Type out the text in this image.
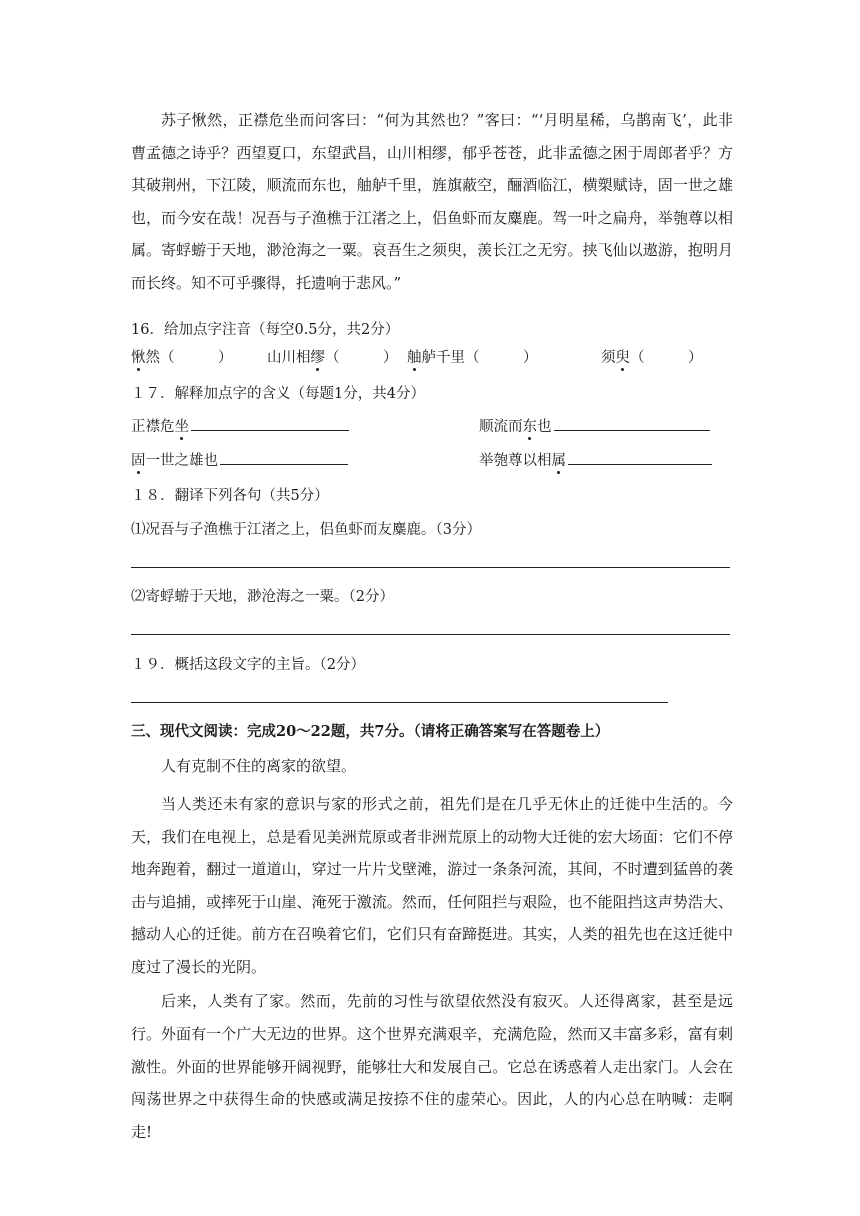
苏子愀然，正襟危坐而问客曰：“何为其然也？”客曰：“‘月明星稀，乌鹊南飞’，此非曹孟德之诗乎？西望夏口，东望武昌，山川相缪，郁乎苍苍，此非孟德之困于周郎者乎？方其破荆州，下江陵，顺流而东也，舳舻千里，旌旗蔽空，酾酒临江，横槊赋诗，固一世之雄也，而今安在哉！况吾与子渔樵于江渚之上，侣鱼虾而友麋鹿。驾一叶之扁舟，举匏尊以相属。寄蜉蝣于天地，渺沧海之一粟。哀吾生之须臾，羡长江之无穷。挟飞仙以遨游，抱明月而长终。知不可乎骤得，托遗响于悲风。”

16．给加点字注音（每空0.5分，共2分）

愀然（　　　） 山川相缪（　　　） 舳舻千里（　　　）	须臾（　　　）

１７．解释加点字的含义（每题1分，共4分）

正襟危坐	顺流而东也
固一世之雄也	举匏尊以相属

１８．翻译下列各句（共5分）

⑴况吾与子渔樵于江渚之上，侣鱼虾而友麋鹿。（3分）

⑵寄蜉蝣于天地，渺沧海之一粟。（2分）

１９．概括这段文字的主旨。（2分）

三、现代文阅读：完成20～22题，共7分。（请将正确答案写在答题卷上）

人有克制不住的离家的欲望。

当人类还未有家的意识与家的形式之前，祖先们是在几乎无休止的迁徙中生活的。今天，我们在电视上，总是看见美洲荒原或者非洲荒原上的动物大迁徙的宏大场面：它们不停地奔跑着，翻过一道道山，穿过一片片戈壁滩，游过一条条河流，其间，不时遭到猛兽的袭击与追捕，或摔死于山崖、淹死于激流。然而，任何阻拦与艰险，也不能阻挡这声势浩大、撼动人心的迁徙。前方在召唤着它们，它们只有奋蹄挺进。其实，人类的祖先也在这迁徙中度过了漫长的光阴。

后来，人类有了家。然而，先前的习性与欲望依然没有寂灭。人还得离家，甚至是远行。 外面有一个广大无边的世界。这个世界充满艰辛，充满危险，然而又丰富多彩，富有刺激性。外面的世界能够开阔视野，能够壮大和发展自己。它总在诱惑着人走出家门。人会在闯荡世界之中获得生命的快感或满足按捺不住的虚荣心。因此，人的内心总在呐喊：走啊走!
